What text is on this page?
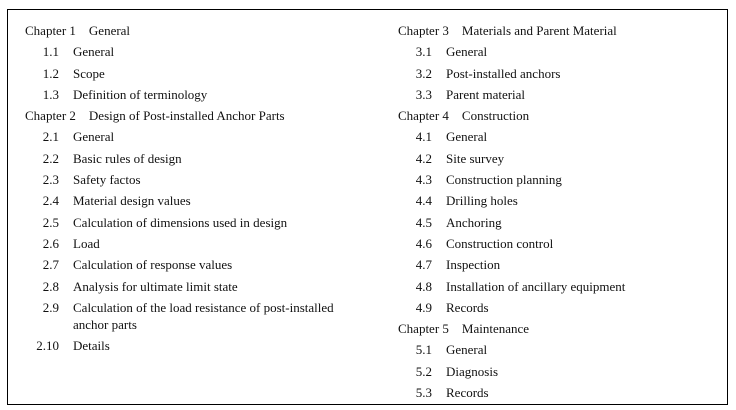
Chapter 1 General
1.1 General
1.2 Scope
1.3 Definition of terminology
Chapter 2 Design of Post-installed Anchor Parts
2.1 General
2.2 Basic rules of design
2.3 Safety factos
2.4 Material design values
2.5 Calculation of dimensions used in design
2.6 Load
2.7 Calculation of response values
2.8 Analysis for ultimate limit state
2.9 Calculation of the load resistance of post-installed anchor parts
2.10 Details
Chapter 3 Materials and Parent Material
3.1 General
3.2 Post-installed anchors
3.3 Parent material
Chapter 4 Construction
4.1 General
4.2 Site survey
4.3 Construction planning
4.4 Drilling holes
4.5 Anchoring
4.6 Construction control
4.7 Inspection
4.8 Installation of ancillary equipment
4.9 Records
Chapter 5 Maintenance
5.1 General
5.2 Diagnosis
5.3 Records
